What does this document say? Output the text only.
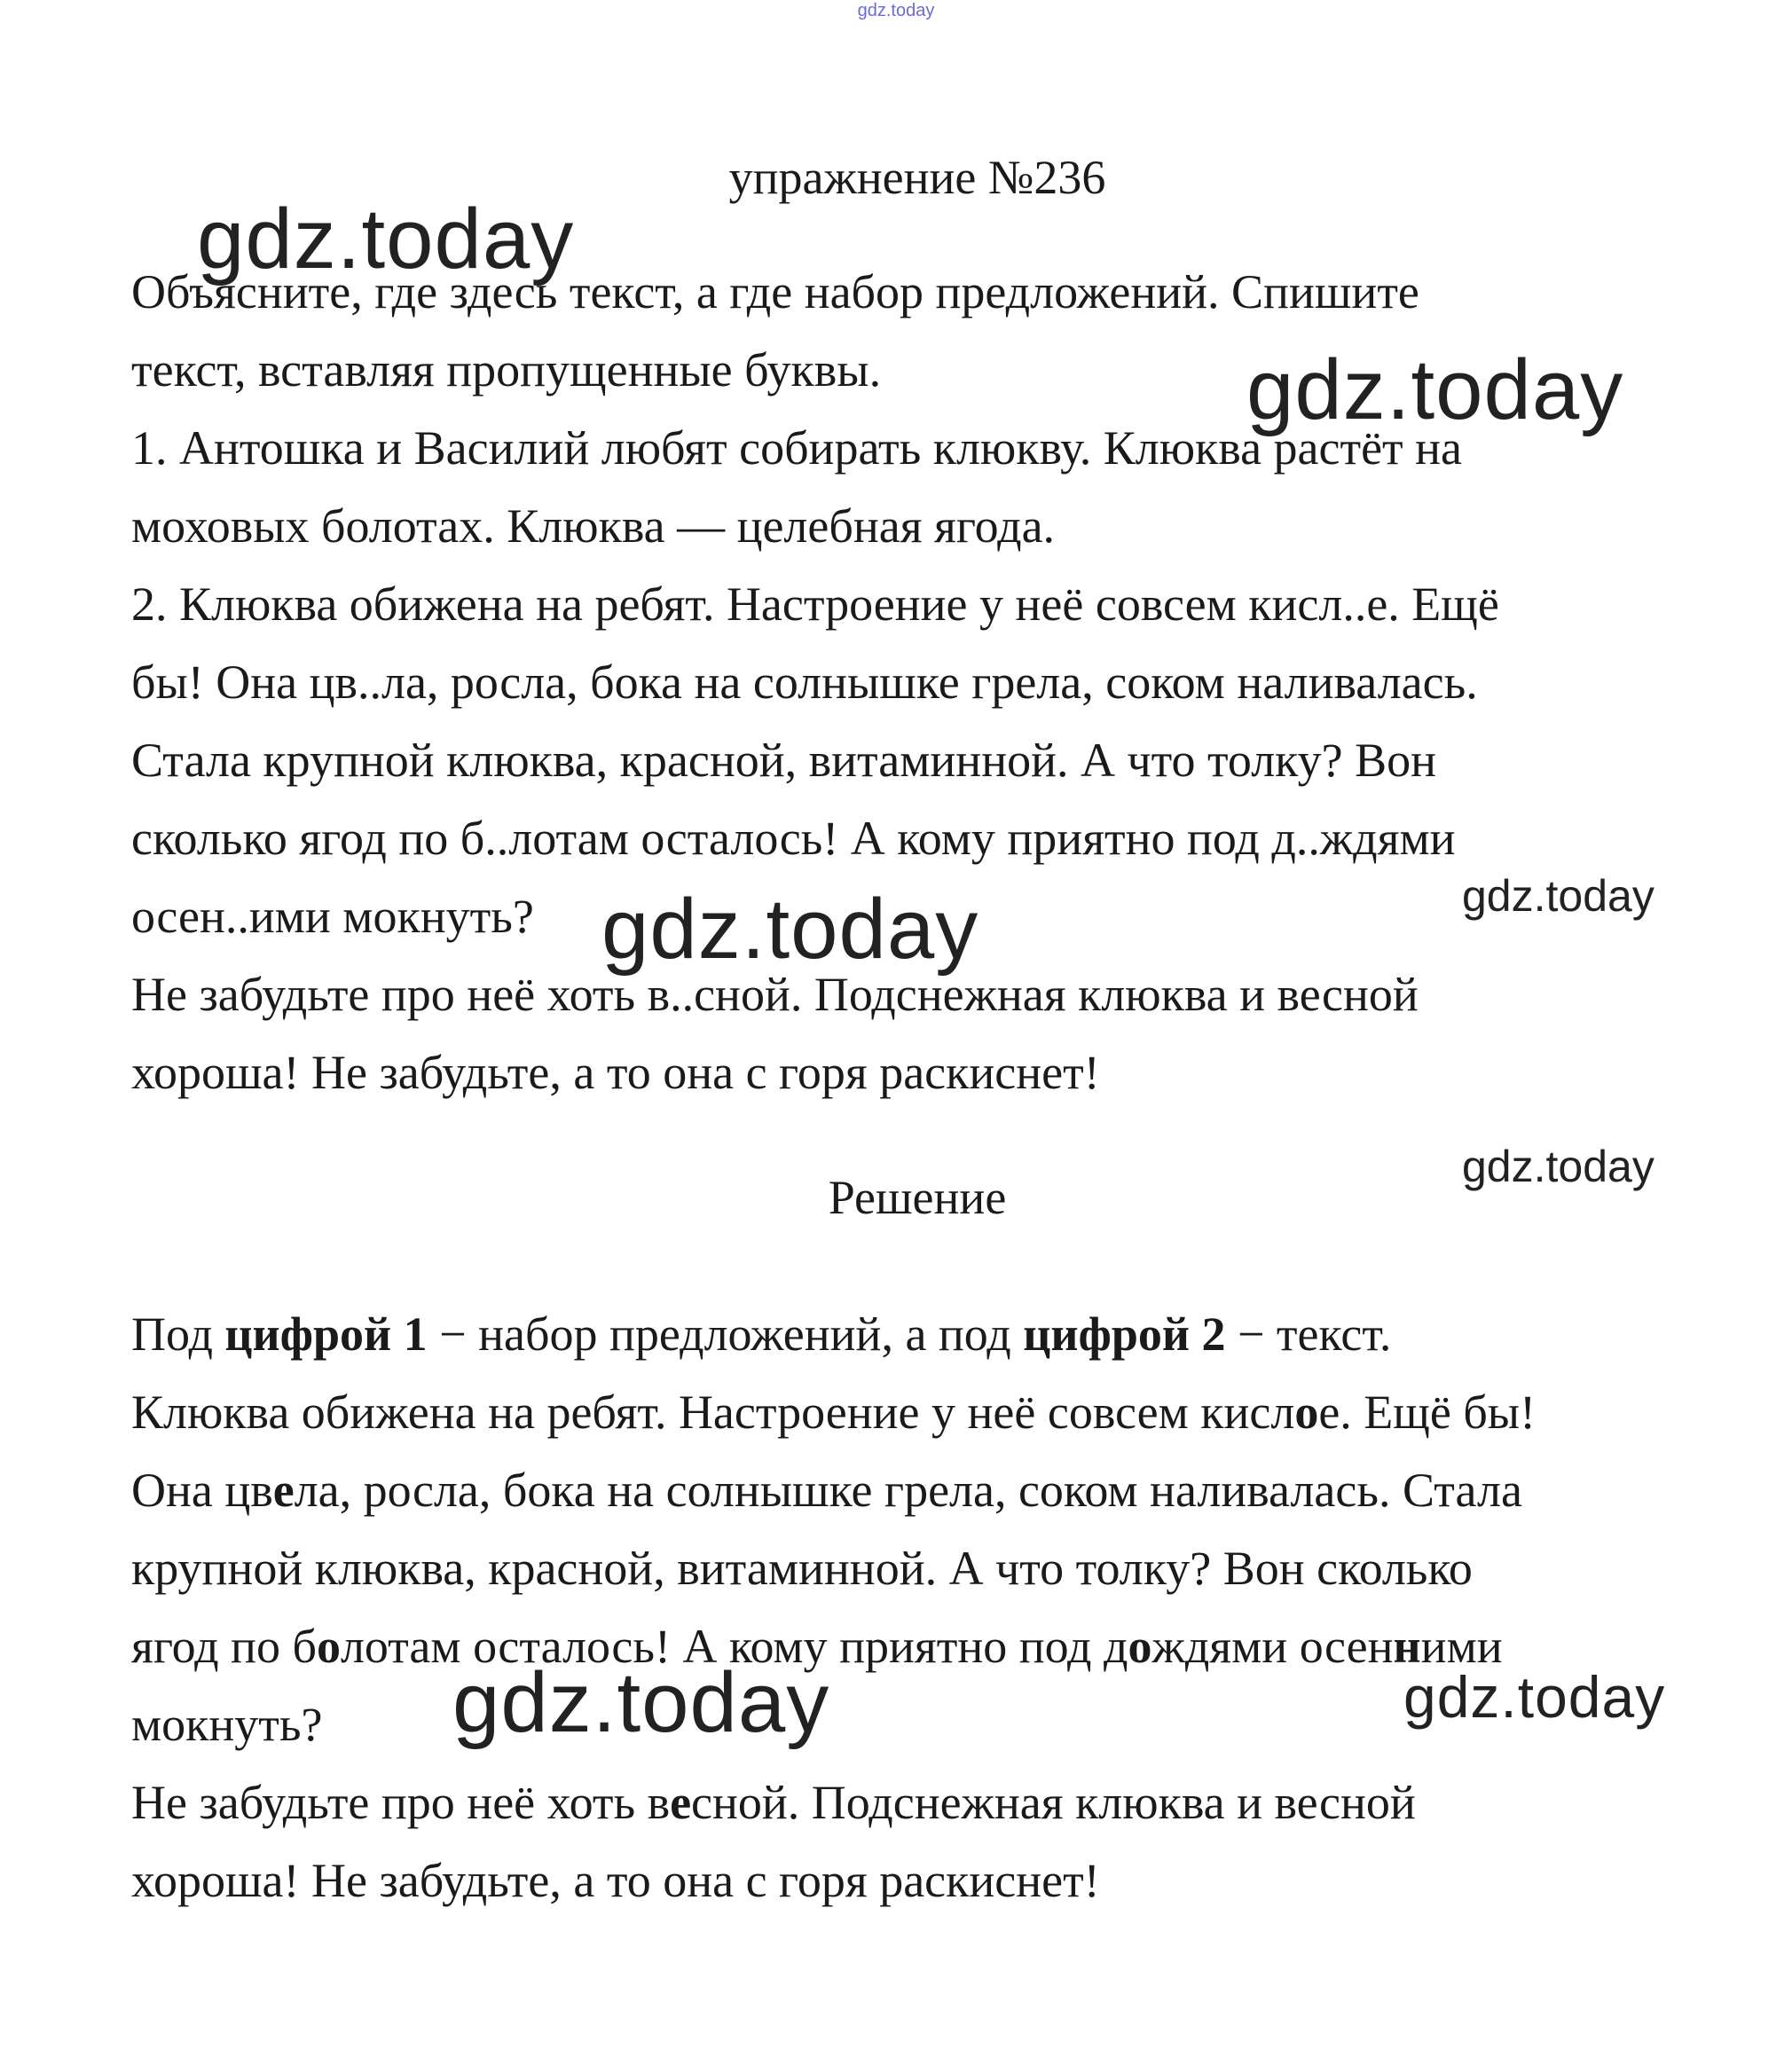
gdz.today
упражнение №236
Объясните, где здесь текст, а где набор предложений. Спишите
текст, вставляя пропущенные буквы.
1. Антошка и Василий любят собирать клюкву. Клюква растёт на
моховых болотах. Клюква — целебная ягода.
2. Клюква обижена на ребят. Настроение у неё совсем кисл..е. Ещё
бы! Она цв..ла, росла, бока на солнышке грела, соком наливалась.
Стала крупной клюква, красной, витаминной. А что толку? Вон
сколько ягод по б..лотам осталось! А кому приятно под д..ждями
осен..ими мокнуть?
Не забудьте про неё хоть в..сной. Подснежная клюква и весной
хороша! Не забудьте, а то она с горя раскиснет!
Решение
Под цифрой 1 − набор предложений, а под цифрой 2 − текст.
Клюква обижена на ребят. Настроение у неё совсем кислое. Ещё бы!
Она цвела, росла, бока на солнышке грела, соком наливалась. Стала
крупной клюква, красной, витаминной. А что толку? Вон сколько
ягод по болотам осталось! А кому приятно под дождями осенними
мокнуть?
Не забудьте про неё хоть весной. Подснежная клюква и весной
хороша! Не забудьте, а то она с горя раскиснет!
gdz.today
gdz.today
gdz.today
gdz.today
gdz.today
gdz.today	gdz.today
